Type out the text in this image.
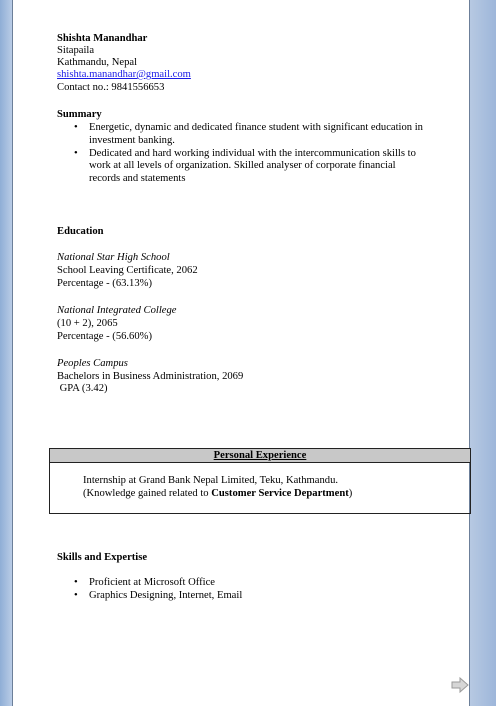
Shishta Manandhar
Sitapaila
Kathmandu, Nepal
shishta.manandhar@gmail.com
Contact no.: 9841556653
Summary
• Energetic, dynamic and dedicated finance student with significant education in
investment banking.
• Dedicated and hard working individual with the intercommunication skills to
work at all levels of organization. Skilled analyser of corporate financial
records and statements
Education
National Star High School
School Leaving Certificate, 2062
Percentage - (63.13%)
National Integrated College
(10 + 2), 2065
Percentage - (56.60%)
Peoples Campus
Bachelors in Business Administration, 2069
GPA (3.42)
Personal Experience
Internship at Grand Bank Nepal Limited, Teku, Kathmandu.
(Knowledge gained related to Customer Service Department)
Skills and Expertise
• Proficient at Microsoft Office
• Graphics Designing, Internet, Email
